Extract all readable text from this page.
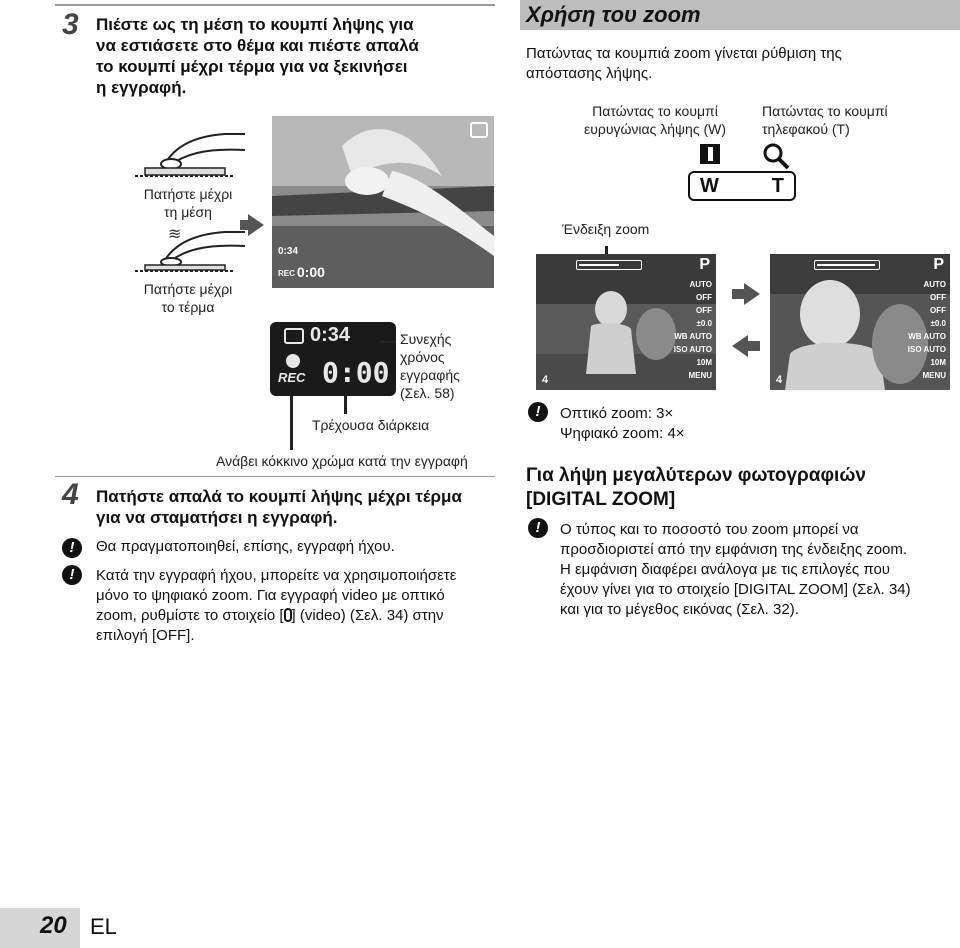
3 Πιέστε ως τη μέση το κουμπί λήψης για
να εστιάσετε στο θέμα και πιέστε απαλά
το κουμπί μέχρι τέρμα για να ξεκινήσει
η εγγραφή.
Πατήστε μέχρι
τη μέση
≋
Πατήστε μέχρι
το τέρμα
0:34
REC 0:00
0:34
REC 0:00
Συνεχής
χρόνος
εγγραφής
(Σελ. 58)
Τρέχουσα διάρκεια
Ανάβει κόκκινο χρώμα κατά την εγγραφή
4 Πατήστε απαλά το κουμπί λήψης μέχρι τέρμα
για να σταματήσει η εγγραφή.
!	Θα πραγματοποιηθεί, επίσης, εγγραφή ήχου.
!	Κατά την εγγραφή ήχου, μπορείτε να χρησιμοποιήσετε
μόνο το ψηφιακό zoom. Για εγγραφή video με οπτικό
zoom, ρυθμίστε το στοιχείο [ ] (video) (Σελ. 34) στην
επιλογή [OFF].
Χρήση του zoom
Πατώντας τα κουμπιά zoom γίνεται ρύθμιση της
απόστασης λήψης.
Πατώντας το κουμπί
ευρυγώνιας λήψης (W)
Πατώντας το κουμπί
τηλεφακού (T)
W	T
Ένδειξη zoom
P
AUTO
OFF
OFF
±0.0
WB AUTO
ISO AUTO
10M
MENU
4
P
AUTO
OFF
OFF
±0.0
WB AUTO
ISO AUTO
10M
MENU
4
!	Οπτικό zoom: 3×
Ψηφιακό zoom: 4×
Για λήψη μεγαλύτερων φωτογραφιών
[DIGITAL ZOOM]
!	Ο τύπος και το ποσοστό του zoom μπορεί να
προσδιοριστεί από την εμφάνιση της ένδειξης zoom.
Η εμφάνιση διαφέρει ανάλογα με τις επιλογές που
έχουν γίνει για το στοιχείο [DIGITAL ZOOM] (Σελ. 34)
και για το μέγεθος εικόνας (Σελ. 32).
20 EL
